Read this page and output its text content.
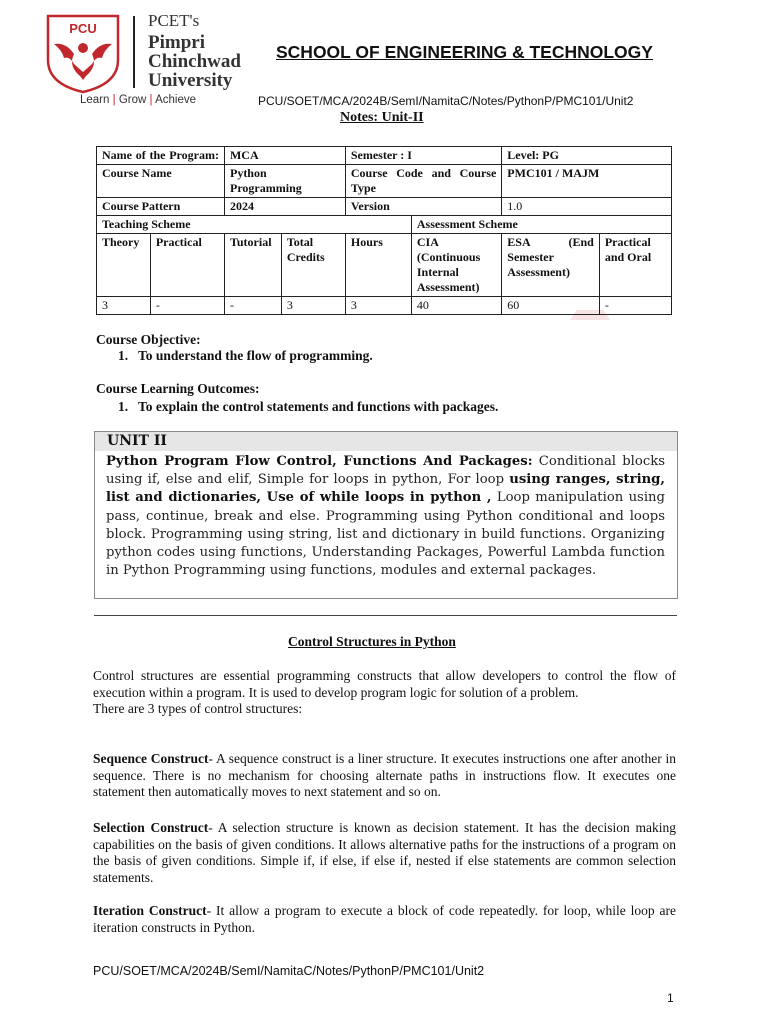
PCU	PCET's
Pimpri
Chinchwad
University
Learn | Grow | Achieve
SCHOOL OF ENGINEERING & TECHNOLOGY
PCU/SOET/MCA/2024B/SemI/NamitaC/Notes/PythonP/PMC101/Unit2
Notes: Unit-II
Name of the Program:		MCA		Semester : I		Level: PG	
Course Name		Python Programming		Course Code and Course Type		PMC101 / MAJM	
Course Pattern		2024		Version		1.0	
Teaching Scheme					Assessment Scheme		
Theory	Practical	Tutorial	Total Credits	Hours	CIA (Continuous Internal Assessment)	ESA (End Semester Assessment)	Practical and Oral
3	-	-	3	3	40	60	-
Course Objective:
1. To understand the flow of programming.
Course Learning Outcomes:
1. To explain the control statements and functions with packages.
UNIT II
Python Program Flow Control, Functions And Packages: Conditional blocks using if, else and elif, Simple for loops in python, For loop using ranges, string, list and dictionaries, Use of while loops in python , Loop manipulation using pass, continue, break and else. Programming using Python conditional and loops block. Programming using string, list and dictionary in build functions. Organizing python codes using functions, Understanding Packages, Powerful Lambda function in Python Programming using functions, modules and external packages.
Control Structures in Python
Control structures are essential programming constructs that allow developers to control the flow of execution within a program. It is used to develop program logic for solution of a problem.
There are 3 types of control structures:
Sequence Construct- A sequence construct is a liner structure. It executes instructions one after another in sequence. There is no mechanism for choosing alternate paths in instructions flow. It executes one statement then automatically moves to next statement and so on.
Selection Construct- A selection structure is known as decision statement. It has the decision making capabilities on the basis of given conditions. It allows alternative paths for the instructions of a program on the basis of given conditions. Simple if, if else, if else if, nested if else statements are common selection statements.
Iteration Construct- It allow a program to execute a block of code repeatedly. for loop, while loop are iteration constructs in Python.
PCU/SOET/MCA/2024B/SemI/NamitaC/Notes/PythonP/PMC101/Unit2
1
